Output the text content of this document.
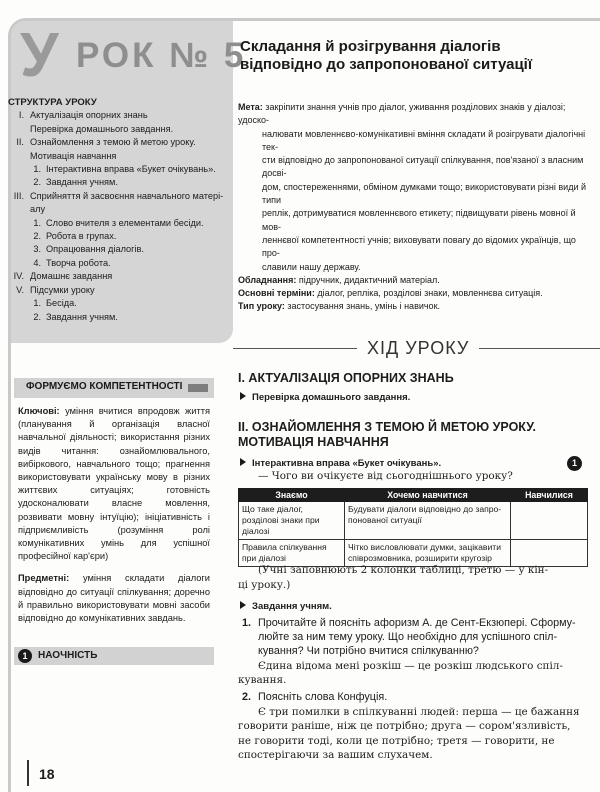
У РОК № 5
СТРУКТУРА УРОКУ
І. Актуалізація опорних знань
Перевірка домашнього завдання.
ІІ. Ознайомлення з темою й метою уроку.
Мотивація навчання
1. Інтерактивна вправа «Букет очікувань».
2. Завдання учням.
ІІІ. Сприйняття й засвоєння навчального матері-
алу
1. Слово вчителя з елементами бесіди.
2. Робота в групах.
3. Опрацювання діалогів.
4. Творча робота.
IV. Домашнє завдання
V. Підсумки уроку
1. Бесіда.
2. Завдання учням.
Складання й розігрування діалогів
відповідно до запропонованої ситуації
Мета: закріпити знання учнів про діалог, уживання розділових знаків у діалозі; удоско-
налювати мовленнєво-комунікативні вміння складати й розігрувати діалогічні тек-
сти відповідно до запропонованої ситуації спілкування, пов'язаної з власним досві-
дом, спостереженнями, обміном думками тощо; використовувати різні види й типи
реплік, дотримуватися мовленнєвого етикету; підвищувати рівень мовної й мов-
леннєвої компетентності учнів; виховувати повагу до відомих українців, що про-
славили нашу державу.
Обладнання: підручник, дидактичний матеріал.
Основні терміни: діалог, репліка, розділові знаки, мовленнєва ситуація.
Тип уроку: застосування знань, умінь і навичок.
ХІД УРОКУ
ФОРМУЄМО КОМПЕТЕНТНОСТІ

Ключові: уміння вчитися впродовж життя (планування й організація власної навчальної діяльності; використання різних видів читання: ознайомлювального, вибіркового, навчального тощо; прагнення використовувати українську мову в різних життєвих ситуаціях; готовність удосконалювати власне мовлення, розвивати мовну інтуїцію); ініціативність і підприємливість (розуміння ролі комунікативних умінь для успішної професійної кар'єри)

Предметні: уміння складати діалоги відповідно до ситуації спілкування; доречно й правильно використовувати мовні засоби відповідно до комунікативних завдань.

1	НАОЧНІСТЬ
18
І. АКТУАЛІЗАЦІЯ ОПОРНИХ ЗНАНЬ
Перевірка домашнього завдання.
ІІ. ОЗНАЙОМЛЕННЯ З ТЕМОЮ Й МЕТОЮ УРОКУ.
МОТИВАЦІЯ НАВЧАННЯ
Інтерактивна вправа «Букет очікувань».	1
— Чого ви очікуєте від сьогоднішнього уроку?
Знаємо	Хочемо навчитися	Навчилися
Що таке діалог, розділові знаки при діалозі	Будувати діалоги відповідно до запро-понованої ситуації	
Правила спілкування при діалозі	Чітко висловлювати думки, зацікавити співрозмовника, розширити кругозір	
(Учні заповнюють 2 колонки таблиці, третю — у кін-
ці уроку.)
Завдання учням.
1. Прочитайте й поясніть афоризм А. де Сент-Екзюпері. Сформу-
люйте за ним тему уроку. Що необхідно для успішного спіл-
кування? Чи потрібно вчитися спілкуванню?
Єдина відома мені розкіш — це розкіш людського спіл-
кування.
2. Поясніть слова Конфуція.
Є три помилки в спілкуванні людей: перша — це бажання
говорити раніше, ніж це потрібно; друга — сором'язливість,
не говорити тоді, коли це потрібно; третя — говорити, не
спостерігаючи за вашим слухачем.
